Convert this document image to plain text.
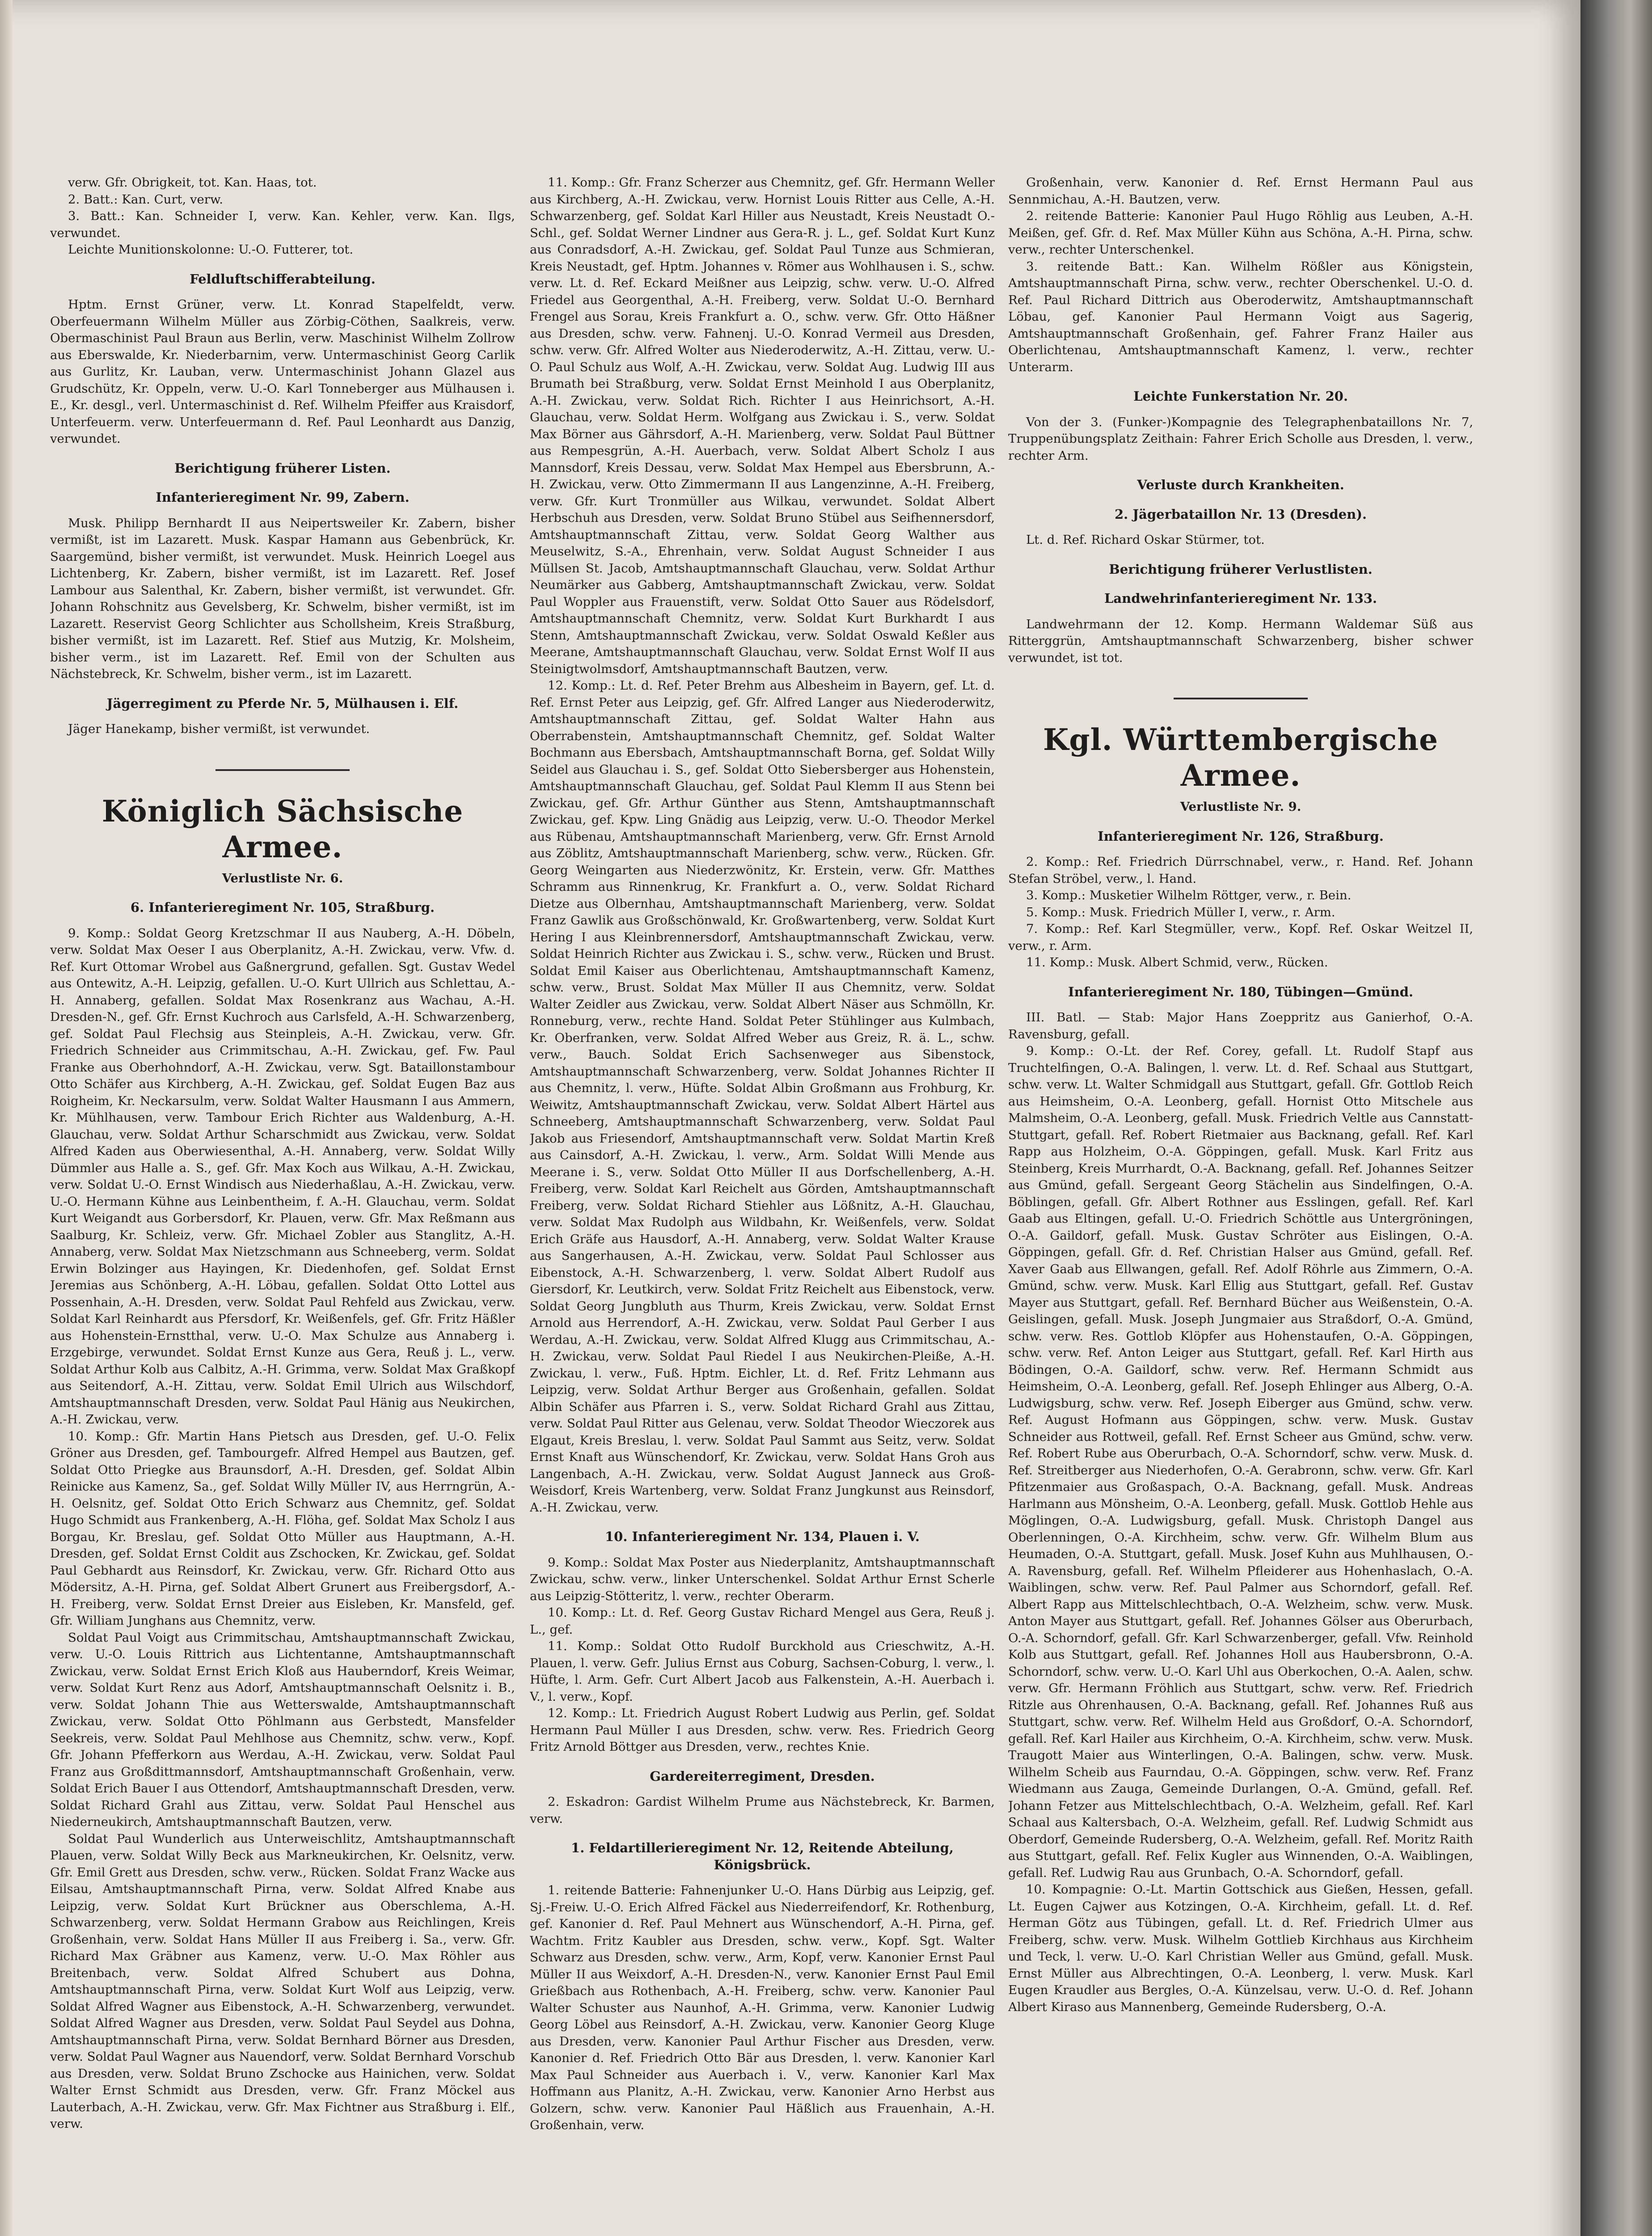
verw. Gfr. Obrigkeit, tot. Kan. Haas, tot.

2. Batt.: Kan. Curt, verw.

3. Batt.: Kan. Schneider I, verw. Kan. Kehler, verw. Kan. Ilgs, verwundet.

Leichte Munitionskolonne: U.-O. Futterer, tot.

Feldluftschifferabteilung.

Hptm. Ernst Grüner, verw. Lt. Konrad Stapelfeldt, verw. Oberfeuermann Wilhelm Müller aus Zörbig-Cöthen, Saalkreis, verw. Obermaschinist Paul Braun aus Berlin, verw. Maschinist Wilhelm Zollrow aus Eberswalde, Kr. Niederbarnim, verw. Untermaschinist Georg Carlik aus Gurlitz, Kr. Lauban, verw. Untermaschinist Johann Glazel aus Grudschütz, Kr. Oppeln, verw. U.-O. Karl Tonneberger aus Mülhausen i. E., Kr. desgl., verl. Untermaschinist d. Ref. Wilhelm Pfeiffer aus Kraisdorf, Unterfeuerm. verw. Unterfeuermann d. Ref. Paul Leonhardt aus Danzig, verwundet.

Berichtigung früherer Listen.

Infanterieregiment Nr. 99, Zabern.

Musk. Philipp Bernhardt II aus Neipertsweiler Kr. Zabern, bisher vermißt, ist im Lazarett. Musk. Kaspar Hamann aus Gebenbrück, Kr. Saargemünd, bisher vermißt, ist verwundet. Musk. Heinrich Loegel aus Lichtenberg, Kr. Zabern, bisher vermißt, ist im Lazarett. Ref. Josef Lambour aus Salenthal, Kr. Zabern, bisher vermißt, ist verwundet. Gfr. Johann Rohschnitz aus Gevelsberg, Kr. Schwelm, bisher vermißt, ist im Lazarett. Reservist Georg Schlichter aus Schollsheim, Kreis Straßburg, bisher vermißt, ist im Lazarett. Ref. Stief aus Mutzig, Kr. Molsheim, bisher verm., ist im Lazarett. Ref. Emil von der Schulten aus Nächstebreck, Kr. Schwelm, bisher verm., ist im Lazarett.

Jägerregiment zu Pferde Nr. 5, Mülhausen i. Elf.

Jäger Hanekamp, bisher vermißt, ist verwundet.

Königlich Sächsische Armee.

Verlustliste Nr. 6.

6. Infanterieregiment Nr. 105, Straßburg.

9. Komp.: Soldat Georg Kretzschmar II aus Nauberg, A.-H. Döbeln, verw. Soldat Max Oeser I aus Oberplanitz, A.-H. Zwickau, verw. Vfw. d. Ref. Kurt Ottomar Wrobel aus Gaßnergrund, gefallen. Sgt. Gustav Wedel aus Ontewitz, A.-H. Leipzig, gefallen. U.-O. Kurt Ullrich aus Schlettau, A.-H. Annaberg, gefallen. Soldat Max Rosenkranz aus Wachau, A.-H. Dresden-N., gef. Gfr. Ernst Kuchroch aus Carlsfeld, A.-H. Schwarzenberg, gef. Soldat Paul Flechsig aus Steinpleis, A.-H. Zwickau, verw. Gfr. Friedrich Schneider aus Crimmitschau, A.-H. Zwickau, gef. Fw. Paul Franke aus Oberhohndorf, A.-H. Zwickau, verw. Sgt. Bataillonstambour Otto Schäfer aus Kirchberg, A.-H. Zwickau, gef. Soldat Eugen Baz aus Roigheim, Kr. Neckarsulm, verw. Soldat Walter Hausmann I aus Ammern, Kr. Mühlhausen, verw. Tambour Erich Richter aus Waldenburg, A.-H. Glauchau, verw. Soldat Arthur Scharschmidt aus Zwickau, verw. Soldat Alfred Kaden aus Oberwiesenthal, A.-H. Annaberg, verw. Soldat Willy Dümmler aus Halle a. S., gef. Gfr. Max Koch aus Wilkau, A.-H. Zwickau, verw. Soldat U.-O. Ernst Windisch aus Niederhaßlau, A.-H. Zwickau, verw. U.-O. Hermann Kühne aus Leinbentheim, f. A.-H. Glauchau, verm. Soldat Kurt Weigandt aus Gorbersdorf, Kr. Plauen, verw. Gfr. Max Reßmann aus Saalburg, Kr. Schleiz, verw. Gfr. Michael Zobler aus Stanglitz, A.-H. Annaberg, verw. Soldat Max Nietzschmann aus Schneeberg, verm. Soldat Erwin Bolzinger aus Hayingen, Kr. Diedenhofen, gef. Soldat Ernst Jeremias aus Schönberg, A.-H. Löbau, gefallen. Soldat Otto Lottel aus Possenhain, A.-H. Dresden, verw. Soldat Paul Rehfeld aus Zwickau, verw. Soldat Karl Reinhardt aus Pfersdorf, Kr. Weißenfels, gef. Gfr. Fritz Häßler aus Hohenstein-Ernstthal, verw. U.-O. Max Schulze aus Annaberg i. Erzgebirge, verwundet. Soldat Ernst Kunze aus Gera, Reuß j. L., verw. Soldat Arthur Kolb aus Calbitz, A.-H. Grimma, verw. Soldat Max Graßkopf aus Seitendorf, A.-H. Zittau, verw. Soldat Emil Ulrich aus Wilschdorf, Amtshauptmannschaft Dresden, verw. Soldat Paul Hänig aus Neukirchen, A.-H. Zwickau, verw.

10. Komp.: Gfr. Martin Hans Pietsch aus Dresden, gef. U.-O. Felix Gröner aus Dresden, gef. Tambourgefr. Alfred Hempel aus Bautzen, gef. Soldat Otto Priegke aus Braunsdorf, A.-H. Dresden, gef. Soldat Albin Reinicke aus Kamenz, Sa., gef. Soldat Willy Müller IV, aus Herrngrün, A.-H. Oelsnitz, gef. Soldat Otto Erich Schwarz aus Chemnitz, gef. Soldat Hugo Schmidt aus Frankenberg, A.-H. Flöha, gef. Soldat Max Scholz I aus Borgau, Kr. Breslau, gef. Soldat Otto Müller aus Hauptmann, A.-H. Dresden, gef. Soldat Ernst Coldit aus Zschocken, Kr. Zwickau, gef. Soldat Paul Gebhardt aus Reinsdorf, Kr. Zwickau, verw. Gfr. Richard Otto aus Mödersitz, A.-H. Pirna, gef. Soldat Albert Grunert aus Freibergsdorf, A.-H. Freiberg, verw. Soldat Ernst Dreier aus Eisleben, Kr. Mansfeld, gef. Gfr. William Junghans aus Chemnitz, verw.

Soldat Paul Voigt aus Crimmitschau, Amtshauptmannschaft Zwickau, verw. U.-O. Louis Rittrich aus Lichtentanne, Amtshauptmannschaft Zwickau, verw. Soldat Ernst Erich Kloß aus Hauberndorf, Kreis Weimar, verw. Soldat Kurt Renz aus Adorf, Amtshauptmannschaft Oelsnitz i. B., verw. Soldat Johann Thie aus Wetterswalde, Amtshauptmannschaft Zwickau, verw. Soldat Otto Pöhlmann aus Gerbstedt, Mansfelder Seekreis, verw. Soldat Paul Mehlhose aus Chemnitz, schw. verw., Kopf. Gfr. Johann Pfefferkorn aus Werdau, A.-H. Zwickau, verw. Soldat Paul Franz aus Großdittmannsdorf, Amtshauptmannschaft Großenhain, verw. Soldat Erich Bauer I aus Ottendorf, Amtshauptmannschaft Dresden, verw. Soldat Richard Grahl aus Zittau, verw. Soldat Paul Henschel aus Niederneukirch, Amtshauptmannschaft Bautzen, verw.

Soldat Paul Wunderlich aus Unterweischlitz, Amtshauptmannschaft Plauen, verw. Soldat Willy Beck aus Markneukirchen, Kr. Oelsnitz, verw. Gfr. Emil Grett aus Dresden, schw. verw., Rücken. Soldat Franz Wacke aus Eilsau, Amtshauptmannschaft Pirna, verw. Soldat Alfred Knabe aus Leipzig, verw. Soldat Kurt Brückner aus Oberschlema, A.-H. Schwarzenberg, verw. Soldat Hermann Grabow aus Reichlingen, Kreis Großenhain, verw. Soldat Hans Müller II aus Freiberg i. Sa., verw. Gfr. Richard Max Gräbner aus Kamenz, verw. U.-O. Max Röhler aus Breitenbach, verw. Soldat Alfred Schubert aus Dohna, Amtshauptmannschaft Pirna, verw. Soldat Kurt Wolf aus Leipzig, verw. Soldat Alfred Wagner aus Eibenstock, A.-H. Schwarzenberg, verwundet. Soldat Alfred Wagner aus Dresden, verw. Soldat Paul Seydel aus Dohna, Amtshauptmannschaft Pirna, verw. Soldat Bernhard Börner aus Dresden, verw. Soldat Paul Wagner aus Nauendorf, verw. Soldat Bernhard Vorschub aus Dresden, verw. Soldat Bruno Zschocke aus Hainichen, verw. Soldat Walter Ernst Schmidt aus Dresden, verw. Gfr. Franz Möckel aus Lauterbach, A.-H. Zwickau, verw. Gfr. Max Fichtner aus Straßburg i. Elf., verw.

11. Komp.: Gfr. Franz Scherzer aus Chemnitz, gef. Gfr. Hermann Weller aus Kirchberg, A.-H. Zwickau, verw. Hornist Louis Ritter aus Celle, A.-H. Schwarzenberg, gef. Soldat Karl Hiller aus Neustadt, Kreis Neustadt O.-Schl., gef. Soldat Werner Lindner aus Gera-R. j. L., gef. Soldat Kurt Kunz aus Conradsdorf, A.-H. Zwickau, gef. Soldat Paul Tunze aus Schmieran, Kreis Neustadt, gef. Hptm. Johannes v. Römer aus Wohlhausen i. S., schw. verw. Lt. d. Ref. Eckard Meißner aus Leipzig, schw. verw. U.-O. Alfred Friedel aus Georgenthal, A.-H. Freiberg, verw. Soldat U.-O. Bernhard Frengel aus Sorau, Kreis Frankfurt a. O., schw. verw. Gfr. Otto Häßner aus Dresden, schw. verw. Fahnenj. U.-O. Konrad Vermeil aus Dresden, schw. verw. Gfr. Alfred Wolter aus Niederoderwitz, A.-H. Zittau, verw. U.-O. Paul Schulz aus Wolf, A.-H. Zwickau, verw. Soldat Aug. Ludwig III aus Brumath bei Straßburg, verw. Soldat Ernst Meinhold I aus Oberplanitz, A.-H. Zwickau, verw. Soldat Rich. Richter I aus Heinrichsort, A.-H. Glauchau, verw. Soldat Herm. Wolfgang aus Zwickau i. S., verw. Soldat Max Börner aus Gährsdorf, A.-H. Marienberg, verw. Soldat Paul Büttner aus Rempesgrün, A.-H. Auerbach, verw. Soldat Albert Scholz I aus Mannsdorf, Kreis Dessau, verw. Soldat Max Hempel aus Ebersbrunn, A.-H. Zwickau, verw. Otto Zimmermann II aus Langenzinne, A.-H. Freiberg, verw. Gfr. Kurt Tronmüller aus Wilkau, verwundet. Soldat Albert Herbschuh aus Dresden, verw. Soldat Bruno Stübel aus Seifhennersdorf, Amtshauptmannschaft Zittau, verw. Soldat Georg Walther aus Meuselwitz, S.-A., Ehrenhain, verw. Soldat August Schneider I aus Müllsen St. Jacob, Amtshauptmannschaft Glauchau, verw. Soldat Arthur Neumärker aus Gabberg, Amtshauptmannschaft Zwickau, verw. Soldat Paul Woppler aus Frauenstift, verw. Soldat Otto Sauer aus Rödelsdorf, Amtshauptmannschaft Chemnitz, verw. Soldat Kurt Burkhardt I aus Stenn, Amtshauptmannschaft Zwickau, verw. Soldat Oswald Keßler aus Meerane, Amtshauptmannschaft Glauchau, verw. Soldat Ernst Wolf II aus Steinigtwolmsdorf, Amtshauptmannschaft Bautzen, verw.

12. Komp.: Lt. d. Ref. Peter Brehm aus Albesheim in Bayern, gef. Lt. d. Ref. Ernst Peter aus Leipzig, gef. Gfr. Alfred Langer aus Niederoderwitz, Amtshauptmannschaft Zittau, gef. Soldat Walter Hahn aus Oberrabenstein, Amtshauptmannschaft Chemnitz, gef. Soldat Walter Bochmann aus Ebersbach, Amtshauptmannschaft Borna, gef. Soldat Willy Seidel aus Glauchau i. S., gef. Soldat Otto Siebersberger aus Hohenstein, Amtshauptmannschaft Glauchau, gef. Soldat Paul Klemm II aus Stenn bei Zwickau, gef. Gfr. Arthur Günther aus Stenn, Amtshauptmannschaft Zwickau, gef. Kpw. Ling Gnädig aus Leipzig, verw. U.-O. Theodor Merkel aus Rübenau, Amtshauptmannschaft Marienberg, verw. Gfr. Ernst Arnold aus Zöblitz, Amtshauptmannschaft Marienberg, schw. verw., Rücken. Gfr. Georg Weingarten aus Niederzwönitz, Kr. Erstein, verw. Gfr. Matthes Schramm aus Rinnenkrug, Kr. Frankfurt a. O., verw. Soldat Richard Dietze aus Olbernhau, Amtshauptmannschaft Marienberg, verw. Soldat Franz Gawlik aus Großschönwald, Kr. Großwartenberg, verw. Soldat Kurt Hering I aus Kleinbrennersdorf, Amtshauptmannschaft Zwickau, verw. Soldat Heinrich Richter aus Zwickau i. S., schw. verw., Rücken und Brust. Soldat Emil Kaiser aus Oberlichtenau, Amtshauptmannschaft Kamenz, schw. verw., Brust. Soldat Max Müller II aus Chemnitz, verw. Soldat Walter Zeidler aus Zwickau, verw. Soldat Albert Näser aus Schmölln, Kr. Ronneburg, verw., rechte Hand. Soldat Peter Stühlinger aus Kulmbach, Kr. Oberfranken, verw. Soldat Alfred Weber aus Greiz, R. ä. L., schw. verw., Bauch. Soldat Erich Sachsenweger aus Sibenstock, Amtshauptmannschaft Schwarzenberg, verw. Soldat Johannes Richter II aus Chemnitz, l. verw., Hüfte. Soldat Albin Großmann aus Frohburg, Kr. Weiwitz, Amtshauptmannschaft Zwickau, verw. Soldat Albert Härtel aus Schneeberg, Amtshauptmannschaft Schwarzenberg, verw. Soldat Paul Jakob aus Friesendorf, Amtshauptmannschaft verw. Soldat Martin Kreß aus Cainsdorf, A.-H. Zwickau, l. verw., Arm. Soldat Willi Mende aus Meerane i. S., verw. Soldat Otto Müller II aus Dorfschellenberg, A.-H. Freiberg, verw. Soldat Karl Reichelt aus Görden, Amtshauptmannschaft Freiberg, verw. Soldat Richard Stiehler aus Lößnitz, A.-H. Glauchau, verw. Soldat Max Rudolph aus Wildbahn, Kr. Weißenfels, verw. Soldat Erich Gräfe aus Hausdorf, A.-H. Annaberg, verw. Soldat Walter Krause aus Sangerhausen, A.-H. Zwickau, verw. Soldat Paul Schlosser aus Eibenstock, A.-H. Schwarzenberg, l. verw. Soldat Albert Rudolf aus Giersdorf, Kr. Leutkirch, verw. Soldat Fritz Reichelt aus Eibenstock, verw. Soldat Georg Jungbluth aus Thurm, Kreis Zwickau, verw. Soldat Ernst Arnold aus Herrendorf, A.-H. Zwickau, verw. Soldat Paul Gerber I aus Werdau, A.-H. Zwickau, verw. Soldat Alfred Klugg aus Crimmitschau, A.-H. Zwickau, verw. Soldat Paul Riedel I aus Neukirchen-Pleiße, A.-H. Zwickau, l. verw., Fuß. Hptm. Eichler, Lt. d. Ref. Fritz Lehmann aus Leipzig, verw. Soldat Arthur Berger aus Großenhain, gefallen. Soldat Albin Schäfer aus Pfarren i. S., verw. Soldat Richard Grahl aus Zittau, verw. Soldat Paul Ritter aus Gelenau, verw. Soldat Theodor Wieczorek aus Elgaut, Kreis Breslau, l. verw. Soldat Paul Sammt aus Seitz, verw. Soldat Ernst Knaft aus Wünschendorf, Kr. Zwickau, verw. Soldat Hans Groh aus Langenbach, A.-H. Zwickau, verw. Soldat August Janneck aus Groß-Weisdorf, Kreis Wartenberg, verw. Soldat Franz Jungkunst aus Reinsdorf, A.-H. Zwickau, verw.

10. Infanterieregiment Nr. 134, Plauen i. V.

9. Komp.: Soldat Max Poster aus Niederplanitz, Amtshauptmannschaft Zwickau, schw. verw., linker Unterschenkel. Soldat Arthur Ernst Scherle aus Leipzig-Stötteritz, l. verw., rechter Oberarm.

10. Komp.: Lt. d. Ref. Georg Gustav Richard Mengel aus Gera, Reuß j. L., gef.

11. Komp.: Soldat Otto Rudolf Burckhold aus Crieschwitz, A.-H. Plauen, l. verw. Gefr. Julius Ernst aus Coburg, Sachsen-Coburg, l. verw., l. Hüfte, l. Arm. Gefr. Curt Albert Jacob aus Falkenstein, A.-H. Auerbach i. V., l. verw., Kopf.

12. Komp.: Lt. Friedrich August Robert Ludwig aus Perlin, gef. Soldat Hermann Paul Müller I aus Dresden, schw. verw. Res. Friedrich Georg Fritz Arnold Böttger aus Dresden, verw., rechtes Knie.

Gardereiterregiment, Dresden.

2. Eskadron: Gardist Wilhelm Prume aus Nächstebreck, Kr. Barmen, verw.

1. Feldartillerieregiment Nr. 12, Reitende Abteilung, Königsbrück.

1. reitende Batterie: Fahnenjunker U.-O. Hans Dürbig aus Leipzig, gef. Sj.-Freiw. U.-O. Erich Alfred Fäckel aus Niederreifendorf, Kr. Rothenburg, gef. Kanonier d. Ref. Paul Mehnert aus Wünschendorf, A.-H. Pirna, gef. Wachtm. Fritz Kaubler aus Dresden, schw. verw., Kopf. Sgt. Walter Schwarz aus Dresden, schw. verw., Arm, Kopf, verw. Kanonier Ernst Paul Müller II aus Weixdorf, A.-H. Dresden-N., verw. Kanonier Ernst Paul Emil Grießbach aus Rothenbach, A.-H. Freiberg, schw. verw. Kanonier Paul Walter Schuster aus Naunhof, A.-H. Grimma, verw. Kanonier Ludwig Georg Löbel aus Reinsdorf, A.-H. Zwickau, verw. Kanonier Georg Kluge aus Dresden, verw. Kanonier Paul Arthur Fischer aus Dresden, verw. Kanonier d. Ref. Friedrich Otto Bär aus Dresden, l. verw. Kanonier Karl Max Paul Schneider aus Auerbach i. V., verw. Kanonier Karl Max Hoffmann aus Planitz, A.-H. Zwickau, verw. Kanonier Arno Herbst aus Golzern, schw. verw. Kanonier Paul Häßlich aus Frauenhain, A.-H. Großenhain, verw.

Großenhain, verw. Kanonier d. Ref. Ernst Hermann Paul aus Sennmichau, A.-H. Bautzen, verw.

2. reitende Batterie: Kanonier Paul Hugo Röhlig aus Leuben, A.-H. Meißen, gef. Gfr. d. Ref. Max Müller Kühn aus Schöna, A.-H. Pirna, schw. verw., rechter Unterschenkel.

3. reitende Batt.: Kan. Wilhelm Rößler aus Königstein, Amtshauptmannschaft Pirna, schw. verw., rechter Oberschenkel. U.-O. d. Ref. Paul Richard Dittrich aus Oberoderwitz, Amtshauptmannschaft Löbau, gef. Kanonier Paul Hermann Voigt aus Sagerig, Amtshauptmannschaft Großenhain, gef. Fahrer Franz Hailer aus Oberlichtenau, Amtshauptmannschaft Kamenz, l. verw., rechter Unterarm.

Leichte Funkerstation Nr. 20.

Von der 3. (Funker-)Kompagnie des Telegraphenbataillons Nr. 7, Truppenübungsplatz Zeithain: Fahrer Erich Scholle aus Dresden, l. verw., rechter Arm.

Verluste durch Krankheiten.

2. Jägerbataillon Nr. 13 (Dresden).

Lt. d. Ref. Richard Oskar Stürmer, tot.

Berichtigung früherer Verlustlisten.

Landwehrinfanterieregiment Nr. 133.

Landwehrmann der 12. Komp. Hermann Waldemar Süß aus Ritterggrün, Amtshauptmannschaft Schwarzenberg, bisher schwer verwundet, ist tot.

Kgl. Württembergische Armee.

Verlustliste Nr. 9.

Infanterieregiment Nr. 126, Straßburg.

2. Komp.: Ref. Friedrich Dürrschnabel, verw., r. Hand. Ref. Johann Stefan Ströbel, verw., l. Hand.

3. Komp.: Musketier Wilhelm Röttger, verw., r. Bein.

5. Komp.: Musk. Friedrich Müller I, verw., r. Arm.

7. Komp.: Ref. Karl Stegmüller, verw., Kopf. Ref. Oskar Weitzel II, verw., r. Arm.

11. Komp.: Musk. Albert Schmid, verw., Rücken.

Infanterieregiment Nr. 180, Tübingen—Gmünd.

III. Batl. — Stab: Major Hans Zoeppritz aus Ganierhof, O.-A. Ravensburg, gefall.

9. Komp.: O.-Lt. der Ref. Corey, gefall. Lt. Rudolf Stapf aus Truchtelfingen, O.-A. Balingen, l. verw. Lt. d. Ref. Schaal aus Stuttgart, schw. verw. Lt. Walter Schmidgall aus Stuttgart, gefall. Gfr. Gottlob Reich aus Heimsheim, O.-A. Leonberg, gefall. Hornist Otto Mitschele aus Malmsheim, O.-A. Leonberg, gefall. Musk. Friedrich Veltle aus Cannstatt-Stuttgart, gefall. Ref. Robert Rietmaier aus Backnang, gefall. Ref. Karl Rapp aus Holzheim, O.-A. Göppingen, gefall. Musk. Karl Fritz aus Steinberg, Kreis Murrhardt, O.-A. Backnang, gefall. Ref. Johannes Seitzer aus Gmünd, gefall. Sergeant Georg Stächelin aus Sindelfingen, O.-A. Böblingen, gefall. Gfr. Albert Rothner aus Esslingen, gefall. Ref. Karl Gaab aus Eltingen, gefall. U.-O. Friedrich Schöttle aus Untergröningen, O.-A. Gaildorf, gefall. Musk. Gustav Schröter aus Eislingen, O.-A. Göppingen, gefall. Gfr. d. Ref. Christian Halser aus Gmünd, gefall. Ref. Xaver Gaab aus Ellwangen, gefall. Ref. Adolf Röhrle aus Zimmern, O.-A. Gmünd, schw. verw. Musk. Karl Ellig aus Stuttgart, gefall. Ref. Gustav Mayer aus Stuttgart, gefall. Ref. Bernhard Bücher aus Weißenstein, O.-A. Geislingen, gefall. Musk. Joseph Jungmaier aus Straßdorf, O.-A. Gmünd, schw. verw. Res. Gottlob Klöpfer aus Hohenstaufen, O.-A. Göppingen, schw. verw. Ref. Anton Leiger aus Stuttgart, gefall. Ref. Karl Hirth aus Bödingen, O.-A. Gaildorf, schw. verw. Ref. Hermann Schmidt aus Heimsheim, O.-A. Leonberg, gefall. Ref. Joseph Ehlinger aus Alberg, O.-A. Ludwigsburg, schw. verw. Ref. Joseph Eiberger aus Gmünd, schw. verw. Ref. August Hofmann aus Göppingen, schw. verw. Musk. Gustav Schneider aus Rottweil, gefall. Ref. Ernst Scheer aus Gmünd, schw. verw. Ref. Robert Rube aus Oberurbach, O.-A. Schorndorf, schw. verw. Musk. d. Ref. Streitberger aus Niederhofen, O.-A. Gerabronn, schw. verw. Gfr. Karl Pfitzenmaier aus Großaspach, O.-A. Backnang, gefall. Musk. Andreas Harlmann aus Mönsheim, O.-A. Leonberg, gefall. Musk. Gottlob Hehle aus Möglingen, O.-A. Ludwigsburg, gefall. Musk. Christoph Dangel aus Oberlenningen, O.-A. Kirchheim, schw. verw. Gfr. Wilhelm Blum aus Heumaden, O.-A. Stuttgart, gefall. Musk. Josef Kuhn aus Muhlhausen, O.-A. Ravensburg, gefall. Ref. Wilhelm Pfleiderer aus Hohenhaslach, O.-A. Waiblingen, schw. verw. Ref. Paul Palmer aus Schorndorf, gefall. Ref. Albert Rapp aus Mittelschlechtbach, O.-A. Welzheim, schw. verw. Musk. Anton Mayer aus Stuttgart, gefall. Ref. Johannes Gölser aus Oberurbach, O.-A. Schorndorf, gefall. Gfr. Karl Schwarzenberger, gefall. Vfw. Reinhold Kolb aus Stuttgart, gefall. Ref. Johannes Holl aus Haubersbronn, O.-A. Schorndorf, schw. verw. U.-O. Karl Uhl aus Oberkochen, O.-A. Aalen, schw. verw. Gfr. Hermann Fröhlich aus Stuttgart, schw. verw. Ref. Friedrich Ritzle aus Ohrenhausen, O.-A. Backnang, gefall. Ref. Johannes Ruß aus Stuttgart, schw. verw. Ref. Wilhelm Held aus Großdorf, O.-A. Schorndorf, gefall. Ref. Karl Hailer aus Kirchheim, O.-A. Kirchheim, schw. verw. Musk. Traugott Maier aus Winterlingen, O.-A. Balingen, schw. verw. Musk. Wilhelm Scheib aus Faurndau, O.-A. Göppingen, schw. verw. Ref. Franz Wiedmann aus Zauga, Gemeinde Durlangen, O.-A. Gmünd, gefall. Ref. Johann Fetzer aus Mittelschlechtbach, O.-A. Welzheim, gefall. Ref. Karl Schaal aus Kaltersbach, O.-A. Welzheim, gefall. Ref. Ludwig Schmidt aus Oberdorf, Gemeinde Rudersberg, O.-A. Welzheim, gefall. Ref. Moritz Raith aus Stuttgart, gefall. Ref. Felix Kugler aus Winnenden, O.-A. Waiblingen, gefall. Ref. Ludwig Rau aus Grunbach, O.-A. Schorndorf, gefall.

10. Kompagnie: O.-Lt. Martin Gottschick aus Gießen, Hessen, gefall. Lt. Eugen Cajwer aus Kotzingen, O.-A. Kirchheim, gefall. Lt. d. Ref. Herman Götz aus Tübingen, gefall. Lt. d. Ref. Friedrich Ulmer aus Freiberg, schw. verw. Musk. Wilhelm Gottlieb Kirchhaus aus Kirchheim und Teck, l. verw. U.-O. Karl Christian Weller aus Gmünd, gefall. Musk. Ernst Müller aus Albrechtingen, O.-A. Leonberg, l. verw. Musk. Karl Eugen Kraudler aus Bergles, O.-A. Künzelsau, verw. U.-O. d. Ref. Johann Albert Kiraso aus Mannenberg, Gemeinde Rudersberg, O.-A.
